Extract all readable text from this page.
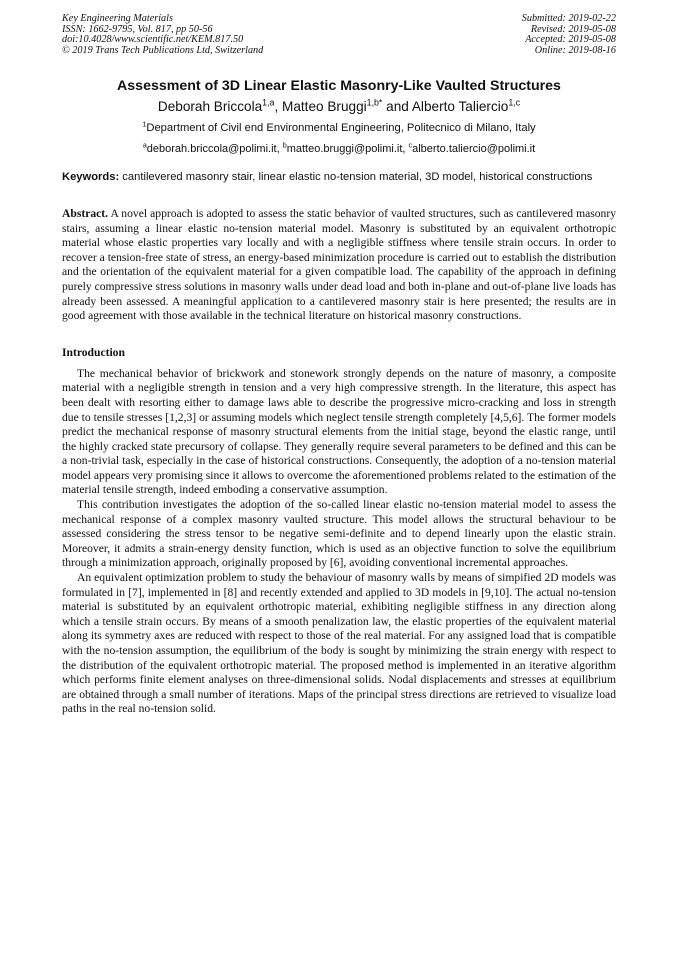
Key Engineering Materials
ISSN: 1662-9795, Vol. 817, pp 50-56
doi:10.4028/www.scientific.net/KEM.817.50
© 2019 Trans Tech Publications Ltd, Switzerland
Submitted: 2019-02-22
Revised: 2019-05-08
Accepted: 2019-05-08
Online: 2019-08-16
Assessment of 3D Linear Elastic Masonry-Like Vaulted Structures
Deborah Briccola$^{1,a}$, Matteo Bruggi$^{1,b*}$ and Alberto Taliercio$^{1,c}$
$^1$Department of Civil end Environmental Engineering, Politecnico di Milano, Italy
$^a$deborah.briccola@polimi.it, $^b$matteo.bruggi@polimi.it, $^c$alberto.taliercio@polimi.it
Keywords: cantilevered masonry stair, linear elastic no-tension material, 3D model, historical constructions

Abstract. A novel approach is adopted to assess the static behavior of vaulted structures, such as cantilevered masonry stairs, assuming a linear elastic no-tension material model. Masonry is substituted by an equivalent orthotropic material whose elastic properties vary locally and with a negligible stiffness where tensile strain occurs. In order to recover a tension-free state of stress, an energy-based minimization procedure is carried out to establish the distribution and the orientation of the equivalent material for a given compatible load. The capability of the approach in defining purely compressive stress solutions in masonry walls under dead load and both in-plane and out-of-plane live loads has already been assessed. A meaningful application to a cantilevered masonry stair is here presented; the results are in good agreement with those available in the technical literature on historical masonry constructions.

Introduction

The mechanical behavior of brickwork and stonework strongly depends on the nature of masonry, a composite material with a negligible strength in tension and a very high compressive strength. In the literature, this aspect has been dealt with resorting either to damage laws able to describe the progressive micro-cracking and loss in strength due to tensile stresses [1,2,3] or assuming models which neglect tensile strength completely [4,5,6]. The former models predict the mechanical response of masonry structural elements from the initial stage, beyond the elastic range, until the highly cracked state precursory of collapse. They generally require several parameters to be defined and this can be a non-trivial task, especially in the case of historical constructions. Consequently, the adoption of a no-tension material model appears very promising since it allows to overcome the aforementioned problems related to the estimation of the material tensile strength, indeed emboding a conservative assumption.

This contribution investigates the adoption of the so-called linear elastic no-tension material model to assess the mechanical response of a complex masonry vaulted structure. This model allows the structural behaviour to be assessed considering the stress tensor to be negative semi-definite and to depend linearly upon the elastic strain. Moreover, it admits a strain-energy density function, which is used as an objective function to solve the equilibrium through a minimization approach, originally proposed by [6], avoiding conventional incremental approaches.

An equivalent optimization problem to study the behaviour of masonry walls by means of simpified 2D models was formulated in [7], implemented in [8] and recently extended and applied to 3D models in [9,10]. The actual no-tension material is substituted by an equivalent orthotropic material, exhibiting negligible stiffness in any direction along which a tensile strain occurs. By means of a smooth penalization law, the elastic properties of the equivalent material along its symmetry axes are reduced with respect to those of the real material. For any assigned load that is compatible with the no-tension assumption, the equilibrium of the body is sought by minimizing the strain energy with respect to the distribution of the equivalent orthotropic material. The proposed method is implemented in an iterative algorithm which performs finite element analyses on three-dimensional solids. Nodal displacements and stresses at equilibrium are obtained through a small number of iterations. Maps of the principal stress directions are retrieved to visualize load paths in the real no-tension solid.
